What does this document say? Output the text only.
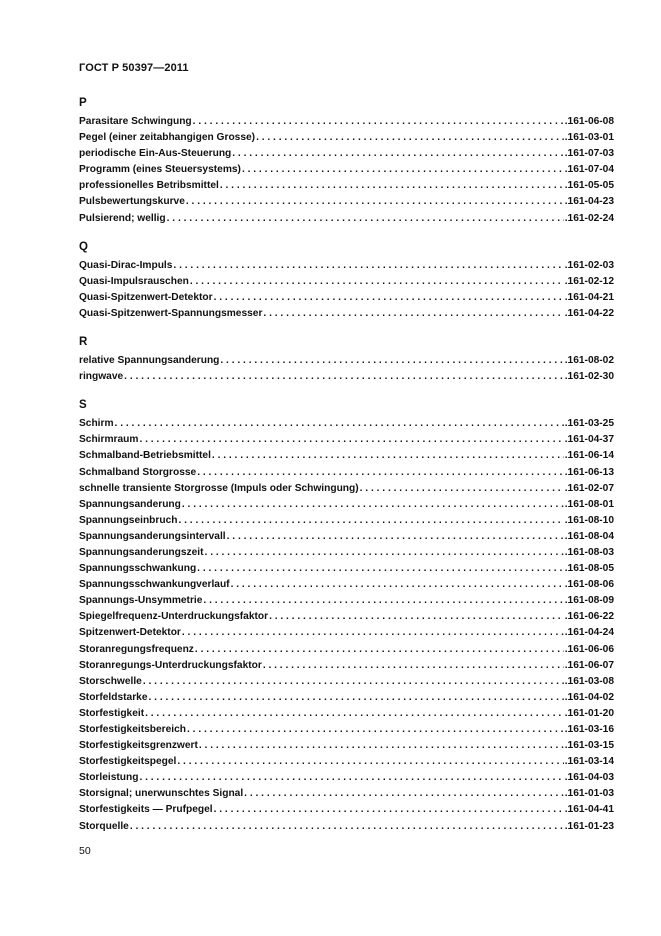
ГОСТ Р 50397—2011
P
Parasitare Schwingung . . .	.161-06-08
Pegel (einer zeitabhangigen Grosse) . . .	.161-03-01
periodische Ein-Aus-Steuerung . . .	.161-07-03
Programm (eines Steuersystems) . . .	.161-07-04
professionelles Betribsmittel . . .	.161-05-05
Pulsbewertungskurve . . .	.161-04-23
Pulsierend; wellig . . .	.161-02-24
Q
Quasi-Dirac-Impuls . . .	.161-02-03
Quasi-Impulsrauschen . . .	.161-02-12
Quasi-Spitzenwert-Detektor . . .	.161-04-21
Quasi-Spitzenwert-Spannungsmesser . . .	.161-04-22
R
relative Spannungsanderung . . .	.161-08-02
ringwave . . .	.161-02-30
S
Schirm . . .	.161-03-25
Schirmraum . . .	.161-04-37
Schmalband-Betriebsmittel . . .	.161-06-14
Schmalband Storgrosse . . .	.161-06-13
schnelle transiente Storgrosse (Impuls oder Schwingung) . . .	.161-02-07
Spannungsanderung . . .	.161-08-01
Spannungseinbruch . . .	.161-08-10
Spannungsanderungsintervall . . .	.161-08-04
Spannungsanderungszeit . . .	.161-08-03
Spannungsschwankung . . .	.161-08-05
Spannungsschwankungverlauf . . .	.161-08-06
Spannungs-Unsymmetrie . . .	.161-08-09
Spiegelfrequenz-Unterdruckungsfaktor . . .	.161-06-22
Spitzenwert-Detektor . . .	.161-04-24
Storanregungsfrequenz . . .	.161-06-06
Storanregungs-Unterdruckungsfaktor . . .	.161-06-07
Storschwelle . . .	.161-03-08
Storfeldstarke . . .	.161-04-02
Storfestigkeit . . .	.161-01-20
Storfestigkeitsbereich . . .	.161-03-16
Storfestigkeitsgrenzwert . . .	.161-03-15
Storfestigkeitspegel . . .	.161-03-14
Storleistung . . .	.161-04-03
Storsignal; unerwunschtes Signal . . .	.161-01-03
Storfestigkeits — Prufpegel . . .	.161-04-41
Storquelle . . .	.161-01-23
50
